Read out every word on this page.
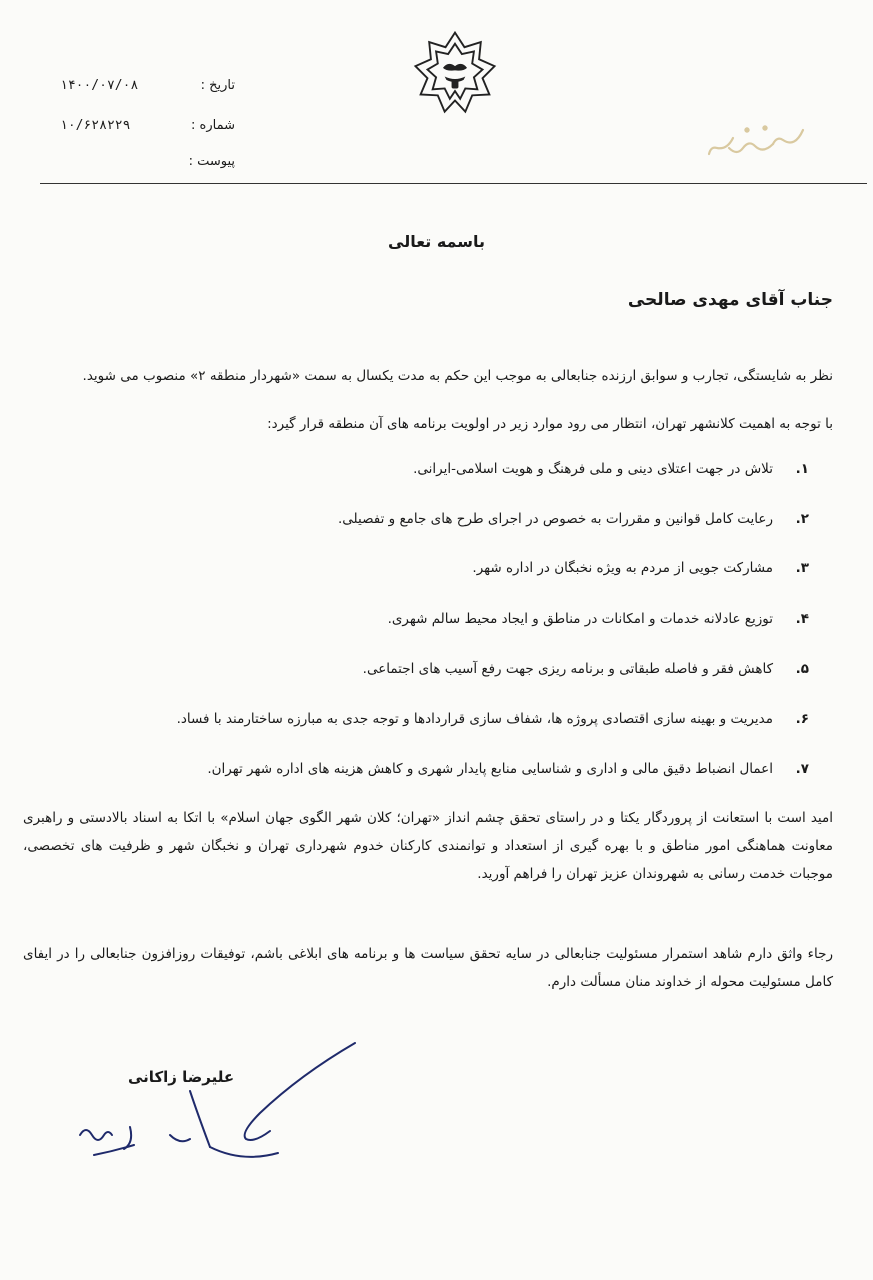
تاریخ :
۱۴۰۰/۰۷/۰۸
شماره :
۱۰/۶۲۸۲۲۹
پیوست :
باسمه تعالی
جناب آقای مهدی صالحی
نظر به شایستگی، تجارب و سوابق ارزنده جنابعالی به موجب این حکم به مدت یکسال به سمت «شهردار منطقه ۲» منصوب می شوید.
با توجه به اهمیت کلانشهر تهران، انتظار می رود موارد زیر در اولویت برنامه های آن منطقه قرار گیرد:
۱.تلاش در جهت اعتلای دینی و ملی فرهنگ و هویت اسلامی-ایرانی.
۲.رعایت کامل قوانین و مقررات به خصوص در اجرای طرح های جامع و تفصیلی.
۳.مشارکت جویی از مردم به ویژه نخبگان در اداره شهر.
۴.توزیع عادلانه خدمات و امکانات در مناطق و ایجاد محیط سالم شهری.
۵.کاهش فقر و فاصله طبقاتی و برنامه ریزی جهت رفع آسیب های اجتماعی.
۶.مدیریت و بهینه سازی اقتصادی پروژه ها، شفاف سازی قراردادها و توجه جدی به مبارزه ساختارمند با فساد.
۷.اعمال انضباط دقیق مالی و اداری و شناسایی منابع پایدار شهری و کاهش هزینه های اداره شهر تهران.
امید است با استعانت از پروردگار یکتا و در راستای تحقق چشم انداز «تهران؛ کلان شهر الگوی جهان اسلام» با اتکا به اسناد بالادستی و راهبری معاونت هماهنگی امور مناطق و با بهره گیری از استعداد و توانمندی کارکنان خدوم شهرداری تهران و نخبگان شهر و ظرفیت های تخصصی، موجبات خدمت رسانی به شهروندان عزیز تهران را فراهم آورید.
رجاء واثق دارم شاهد استمرار مسئولیت جنابعالی در سایه تحقق سیاست ها و برنامه های ابلاغی باشم، توفیقات روزافزون جنابعالی را در ایفای کامل مسئولیت محوله از خداوند منان مسألت دارم.
علیرضا زاکانی
